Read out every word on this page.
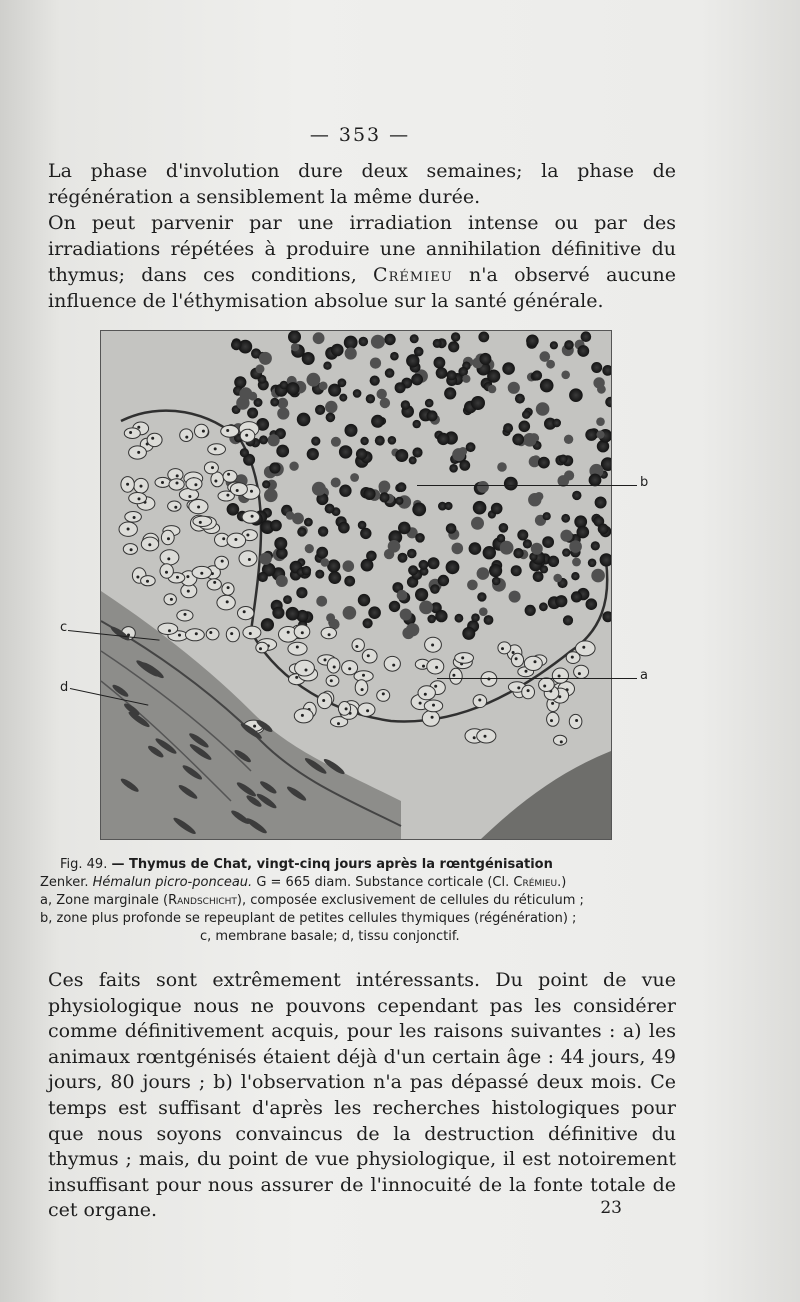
— 353 —

La phase d'involution dure deux semaines; la phase de régénération a sensiblement la même durée.

On peut parvenir par une irradiation intense ou par des irradiations répétées à produire une annihilation définitive du thymus; dans ces conditions, Crémieu n'a observé aucune influence de l'éthymisation absolue sur la santé générale.

b
a
c
d
Fig. 49. — Thymus de Chat, vingt-cinq jours après la rœntgénisation
Zenker. Hémalun picro-ponceau. G = 665 diam. Substance corticale (Cl. Crémieu.)
a, Zone marginale (Randschicht), composée exclusivement de cellules du réticulum ;
b, zone plus profonde se repeuplant de petites cellules thymiques (régénération) ;
c, membrane basale; d, tissu conjonctif.

Ces faits sont extrêmement intéressants. Du point de vue physiologique nous ne pouvons cependant pas les considérer comme définitivement acquis, pour les raisons suivantes : a) les animaux rœntgénisés étaient déjà d'un certain âge : 44 jours, 49 jours, 80 jours ; b) l'observation n'a pas dépassé deux mois. Ce temps est suffisant d'après les recherches histologiques pour que nous soyons convaincus de la destruction définitive du thymus ; mais, du point de vue physiologique, il est notoirement insuffisant pour nous assurer de l'innocuité de la fonte totale de cet organe.	23
